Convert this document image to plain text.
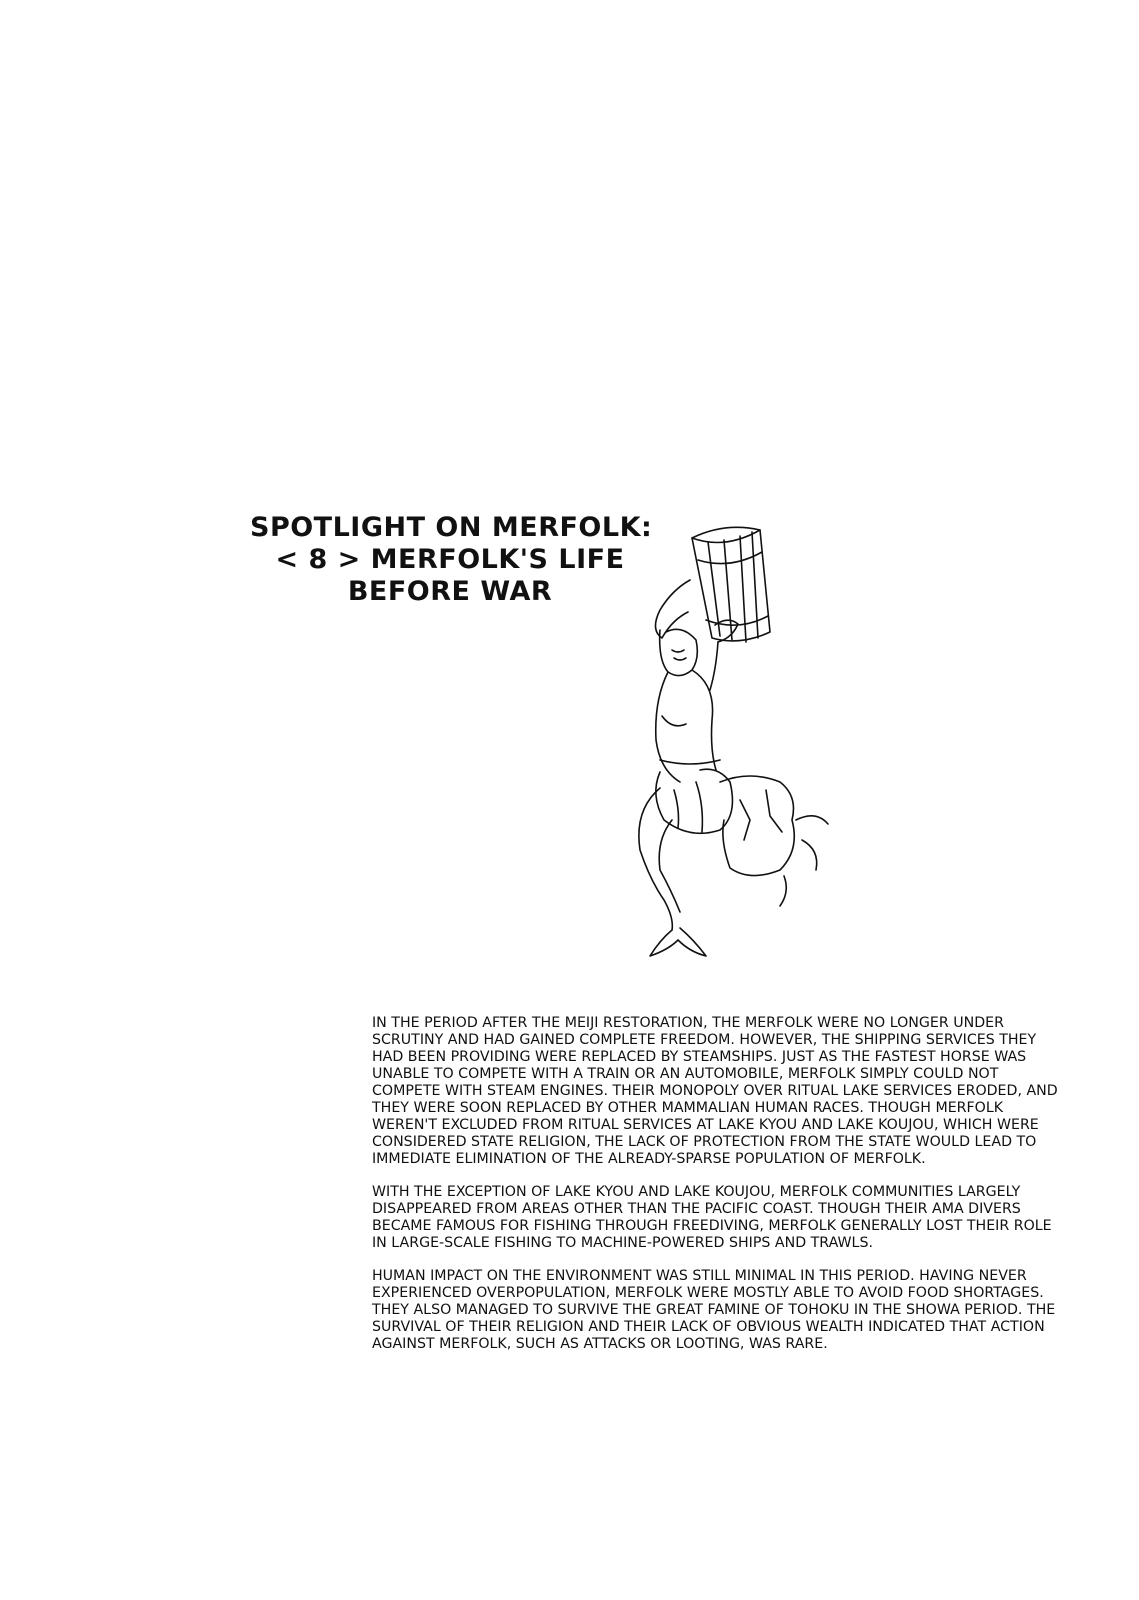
SPOTLIGHT ON MERFOLK:
< 8 > MERFOLK'S LIFE
BEFORE WAR

IN THE PERIOD AFTER THE MEIJI RESTORATION, THE MERFOLK WERE NO LONGER UNDER SCRUTINY AND HAD GAINED COMPLETE FREEDOM. HOWEVER, THE SHIPPING SERVICES THEY HAD BEEN PROVIDING WERE REPLACED BY STEAMSHIPS. JUST AS THE FASTEST HORSE WAS UNABLE TO COMPETE WITH A TRAIN OR AN AUTOMOBILE, MERFOLK SIMPLY COULD NOT COMPETE WITH STEAM ENGINES. THEIR MONOPOLY OVER RITUAL LAKE SERVICES ERODED, AND THEY WERE SOON REPLACED BY OTHER MAMMALIAN HUMAN RACES. THOUGH MERFOLK WEREN'T EXCLUDED FROM RITUAL SERVICES AT LAKE KYOU AND LAKE KOUJOU, WHICH WERE CONSIDERED STATE RELIGION, THE LACK OF PROTECTION FROM THE STATE WOULD LEAD TO IMMEDIATE ELIMINATION OF THE ALREADY-SPARSE POPULATION OF MERFOLK.

WITH THE EXCEPTION OF LAKE KYOU AND LAKE KOUJOU, MERFOLK COMMUNITIES LARGELY DISAPPEARED FROM AREAS OTHER THAN THE PACIFIC COAST. THOUGH THEIR AMA DIVERS BECAME FAMOUS FOR FISHING THROUGH FREEDIVING, MERFOLK GENERALLY LOST THEIR ROLE IN LARGE-SCALE FISHING TO MACHINE-POWERED SHIPS AND TRAWLS.

HUMAN IMPACT ON THE ENVIRONMENT WAS STILL MINIMAL IN THIS PERIOD. HAVING NEVER EXPERIENCED OVERPOPULATION, MERFOLK WERE MOSTLY ABLE TO AVOID FOOD SHORTAGES. THEY ALSO MANAGED TO SURVIVE THE GREAT FAMINE OF TOHOKU IN THE SHOWA PERIOD. THE SURVIVAL OF THEIR RELIGION AND THEIR LACK OF OBVIOUS WEALTH INDICATED THAT ACTION AGAINST MERFOLK, SUCH AS ATTACKS OR LOOTING, WAS RARE.
